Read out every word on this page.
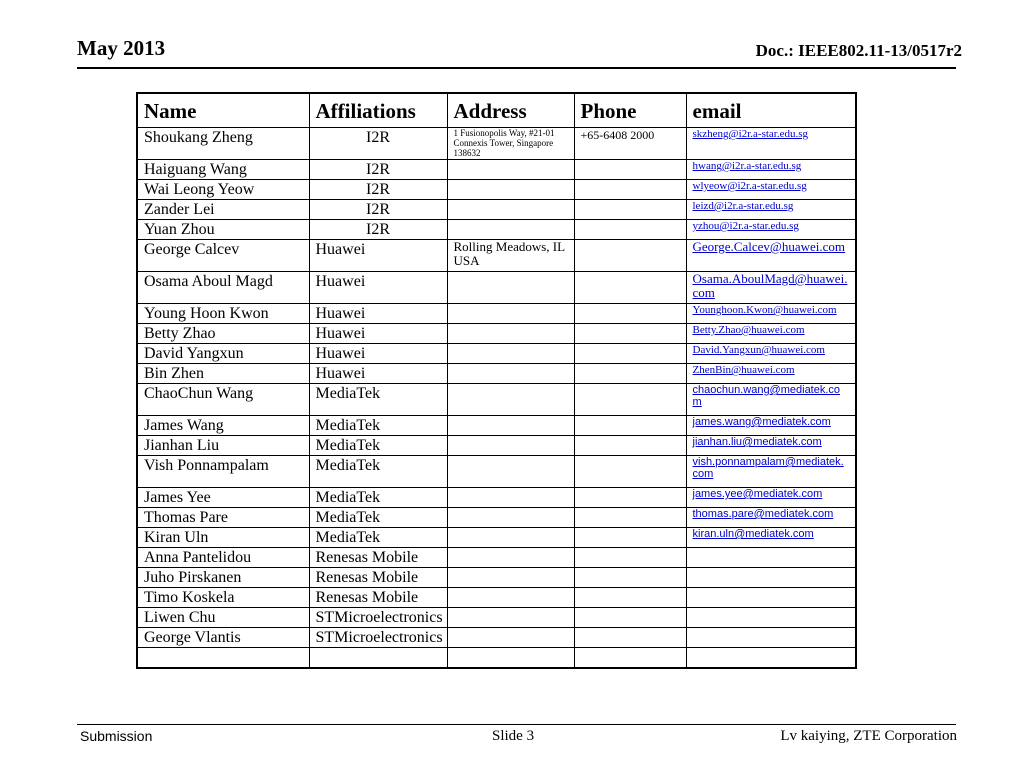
May 2013	Doc.: IEEE802.11-13/0517r2
Name	Affiliations	Address	Phone	email
Shoukang Zheng	I2R	1 Fusionopolis Way, #21-01 Connexis Tower, Singapore 138632	+65-6408 2000	skzheng@i2r.a-star.edu.sg

Haiguang Wang	I2R			hwang@i2r.a-star.edu.sg

Wai Leong Yeow	I2R			wlyeow@i2r.a-star.edu.sg

Zander Lei	I2R			leizd@i2r.a-star.edu.sg

Yuan Zhou	I2R			yzhou@i2r.a-star.edu.sg

George Calcev	Huawei	Rolling Meadows, IL USA		George.Calcev@huawei.com

Osama Aboul Magd	Huawei			Osama.AboulMagd@huawei.com

Young Hoon Kwon	Huawei			Younghoon.Kwon@huawei.com

Betty Zhao	Huawei			Betty.Zhao@huawei.com

David Yangxun	Huawei			David.Yangxun@huawei.com

Bin Zhen	Huawei			ZhenBin@huawei.com

ChaoChun Wang	MediaTek			chaochun.wang@mediatek.com

James Wang	MediaTek			james.wang@mediatek.com

Jianhan Liu	MediaTek			jianhan.liu@mediatek.com

Vish Ponnampalam	MediaTek			vish.ponnampalam@mediatek.com

James Yee	MediaTek			james.yee@mediatek.com

Thomas Pare	MediaTek			thomas.pare@mediatek.com

Kiran Uln	MediaTek			kiran.uln@mediatek.com

Anna Pantelidou	Renesas Mobile			
Juho Pirskanen	Renesas Mobile			
Timo Koskela	Renesas Mobile			
Liwen Chu	STMicroelectronics			
George Vlantis	STMicroelectronics			

Submission	Slide 3	Lv kaiying, ZTE Corporation
